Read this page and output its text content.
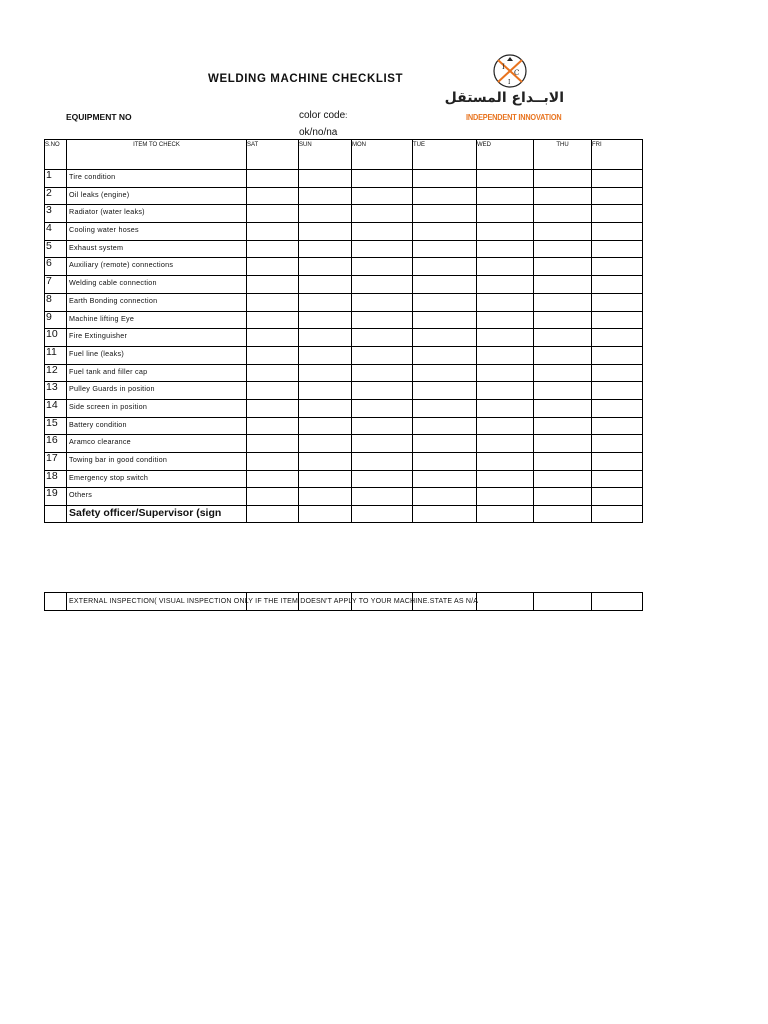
WELDING MACHINE CHECKLIST
EQUIPMENT NO	color code:
ok/no/na
I
C
I
الابــداع المستقل
INDEPENDENT INNOVATION
S.NO	ITEM TO CHECK	SAT	SUN	MON	TUE	WED	THU	FRI
1	Tire condition							
2	Oil leaks (engine)							
3	Radiator (water leaks)							
4	Cooling water hoses							
5	Exhaust system							
6	Auxiliary (remote) connections							
7	Welding cable connection							
8	Earth Bonding connection							
9	Machine lifting Eye							
10	Fire Extinguisher							
11	Fuel line (leaks)							
12	Fuel tank and filler cap							
13	Pulley Guards in position							
14	Side screen in position							
15	Battery condition							
16	Aramco clearance							
17	Towing bar in good condition							
18	Emergency stop switch							
19	Others							
	Safety officer/Supervisor (sign							
	EXTERNAL INSPECTION( VISUAL INSPECTION ONLY IF THE ITEM DOESN'T APPLY TO YOUR MACHINE.STATE AS N/A							
